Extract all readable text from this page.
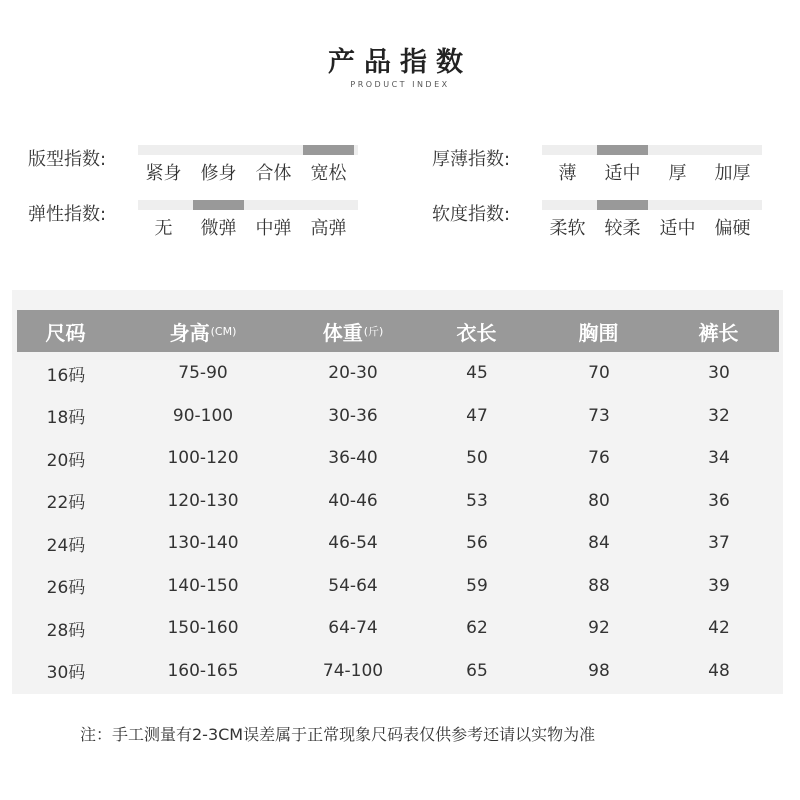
产品指数
PRODUCT INDEX
版型指数:
紧身	修身	合体	宽松
厚薄指数:
薄	适中	厚	加厚
弹性指数:
无	微弹	中弹	高弹
软度指数:
柔软	较柔	适中	偏硬
尺码	身高 (CM)	体重 (斤)	衣长	胸围	裤长
16码	75-90	20-30	45	70	30
18码	90-100	30-36	47	73	32
20码	100-120	36-40	50	76	34
22码	120-130	40-46	53	80	36
24码	130-140	46-54	56	84	37
26码	140-150	54-64	59	88	39
28码	150-160	64-74	62	92	42
30码	160-165	74-100	65	98	48
注：手工测量有2-3CM误差属于正常现象尺码表仅供参考还请以实物为准
